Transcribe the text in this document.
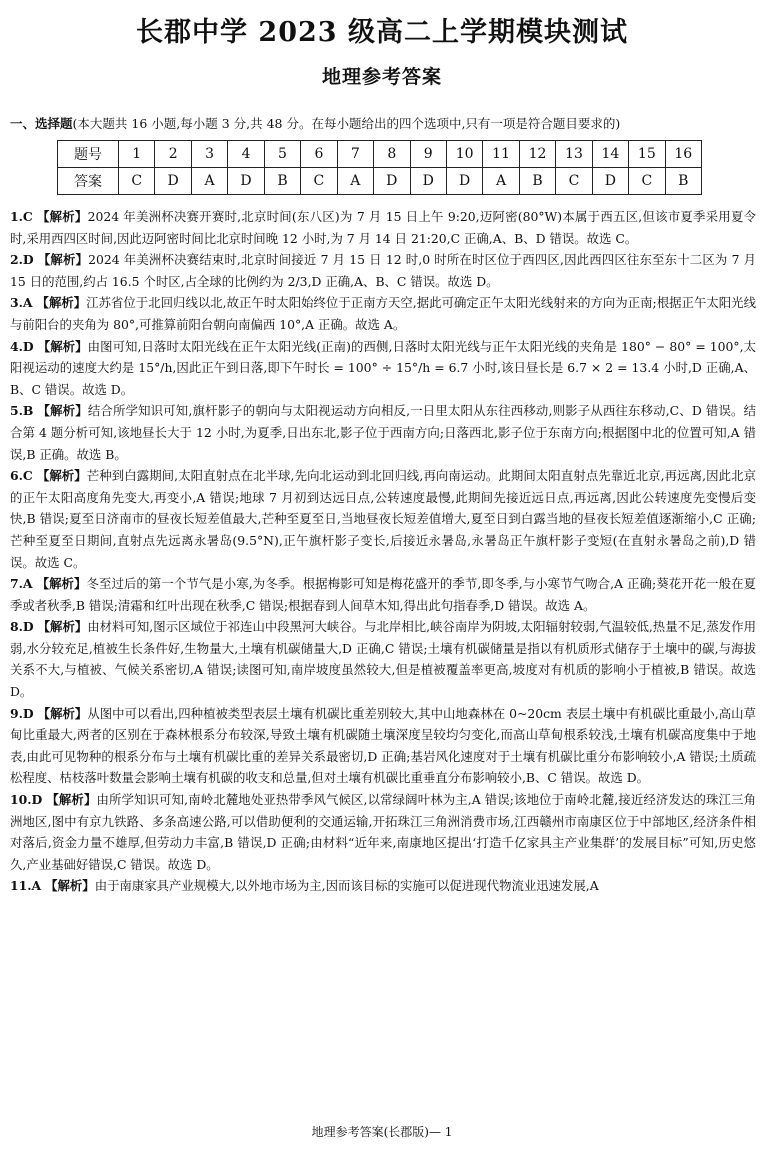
长郡中学 2023 级高二上学期模块测试
地理参考答案
一、选择题(本大题共 16 小题,每小题 3 分,共 48 分。在每小题给出的四个选项中,只有一项是符合题目要求的)
题号	1	2	3	4	5	6	7	8	9	10	11	12	13	14	15	16
答案	C	D	A	D	B	C	A	D	D	D	A	B	C	D	C	B

1.C 【解析】2024 年美洲杯决赛开赛时,北京时间(东八区)为 7 月 15 日上午 9:20,迈阿密(80°W)本属于西五区,但该市夏季采用夏令时,采用西四区时间,因此迈阿密时间比北京时间晚 12 小时,为 7 月 14 日 21:20,C 正确,A、B、D 错误。故选 C。

2.D 【解析】2024 年美洲杯决赛结束时,北京时间接近 7 月 15 日 12 时,0 时所在时区位于西四区,因此西四区往东至东十二区为 7 月 15 日的范围,约占 16.5 个时区,占全球的比例约为 2/3,D 正确,A、B、C 错误。故选 D。

3.A 【解析】江苏省位于北回归线以北,故正午时太阳始终位于正南方天空,据此可确定正午太阳光线射来的方向为正南;根据正午太阳光线与前阳台的夹角为 80°,可推算前阳台朝向南偏西 10°,A 正确。故选 A。

4.D 【解析】由图可知,日落时太阳光线在正午太阳光线(正南)的西侧,日落时太阳光线与正午太阳光线的夹角是 180° − 80° = 100°,太阳视运动的速度大约是 15°/h,因此正午到日落,即下午时长 = 100° ÷ 15°/h = 6.7 小时,该日昼长是 6.7 × 2 = 13.4 小时,D 正确,A、B、C 错误。故选 D。

5.B 【解析】结合所学知识可知,旗杆影子的朝向与太阳视运动方向相反,一日里太阳从东往西移动,则影子从西往东移动,C、D 错误。结合第 4 题分析可知,该地昼长大于 12 小时,为夏季,日出东北,影子位于西南方向;日落西北,影子位于东南方向;根据图中北的位置可知,A 错误,B 正确。故选 B。

6.C 【解析】芒种到白露期间,太阳直射点在北半球,先向北运动到北回归线,再向南运动。此期间太阳直射点先靠近北京,再远离,因此北京的正午太阳高度角先变大,再变小,A 错误;地球 7 月初到达远日点,公转速度最慢,此期间先接近远日点,再远离,因此公转速度先变慢后变快,B 错误;夏至日济南市的昼夜长短差值最大,芒种至夏至日,当地昼夜长短差值增大,夏至日到白露当地的昼夜长短差值逐渐缩小,C 正确;芒种至夏至日期间,直射点先远离永暑岛(9.5°N),正午旗杆影子变长,后接近永暑岛,永暑岛正午旗杆影子变短(在直射永暑岛之前),D 错误。故选 C。

7.A 【解析】冬至过后的第一个节气是小寒,为冬季。根据梅影可知是梅花盛开的季节,即冬季,与小寒节气吻合,A 正确;葵花开花一般在夏季或者秋季,B 错误;清霜和红叶出现在秋季,C 错误;根据春到人间草木知,得出此句指春季,D 错误。故选 A。

8.D 【解析】由材料可知,图示区域位于祁连山中段黑河大峡谷。与北岸相比,峡谷南岸为阴坡,太阳辐射较弱,气温较低,热量不足,蒸发作用弱,水分较充足,植被生长条件好,生物量大,土壤有机碳储量大,D 正确,C 错误;土壤有机碳储量是指以有机质形式储存于土壤中的碳,与海拔关系不大,与植被、气候关系密切,A 错误;读图可知,南岸坡度虽然较大,但是植被覆盖率更高,坡度对有机质的影响小于植被,B 错误。故选 D。

9.D 【解析】从图中可以看出,四种植被类型表层土壤有机碳比重差别较大,其中山地森林在 0~20cm 表层土壤中有机碳比重最小,高山草甸比重最大,两者的区别在于森林根系分布较深,导致土壤有机碳随土壤深度呈较均匀变化,而高山草甸根系较浅,土壤有机碳高度集中于地表,由此可见物种的根系分布与土壤有机碳比重的差异关系最密切,D 正确;基岩风化速度对于土壤有机碳比重分布影响较小,A 错误;土质疏松程度、枯枝落叶数量会影响土壤有机碳的收支和总量,但对土壤有机碳比重垂直分布影响较小,B、C 错误。故选 D。

10.D 【解析】由所学知识可知,南岭北麓地处亚热带季风气候区,以常绿阔叶林为主,A 错误;该地位于南岭北麓,接近经济发达的珠江三角洲地区,图中有京九铁路、多条高速公路,可以借助便利的交通运输,开拓珠江三角洲消费市场,江西赣州市南康区位于中部地区,经济条件相对落后,资金力量不雄厚,但劳动力丰富,B 错误,D 正确;由材料“近年来,南康地区提出‘打造千亿家具主产业集群’的发展目标”可知,历史悠久,产业基础好错误,C 错误。故选 D。

11.A 【解析】由于南康家具产业规模大,以外地市场为主,因而该目标的实施可以促进现代物流业迅速发展,A

地理参考答案(长郡版)— 1
